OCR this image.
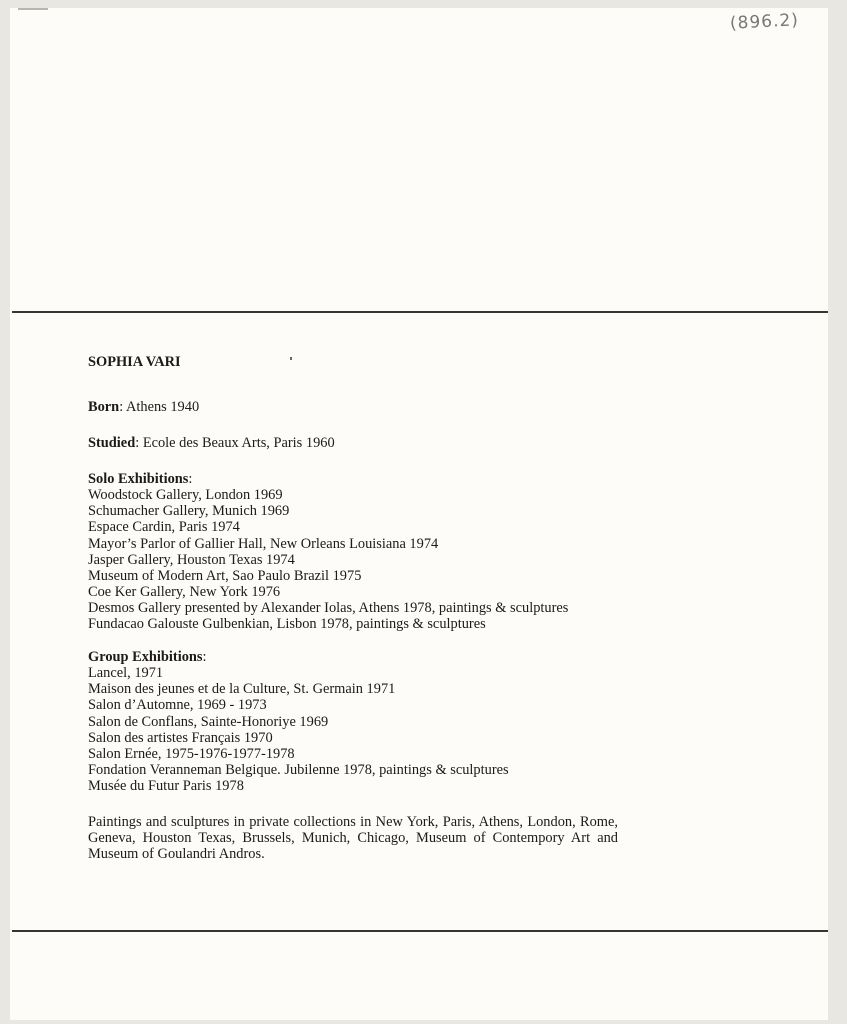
(896.2)

SOPHIA VARI

Born: Athens 1940

Studied: Ecole des Beaux Arts, Paris 1960

Solo Exhibitions:
Woodstock Gallery, London 1969
Schumacher Gallery, Munich 1969
Espace Cardin, Paris 1974
Mayor’s Parlor of Gallier Hall, New Orleans Louisiana 1974
Jasper Gallery, Houston Texas 1974
Museum of Modern Art, Sao Paulo Brazil 1975
Coe Ker Gallery, New York 1976
Desmos Gallery presented by Alexander Iolas, Athens 1978, paintings & sculptures
Fundacao Galouste Gulbenkian, Lisbon 1978, paintings & sculptures
Group Exhibitions:
Lancel, 1971
Maison des jeunes et de la Culture, St. Germain 1971
Salon d’Automne, 1969 - 1973
Salon de Conflans, Sainte-Honoriye 1969
Salon des artistes Français 1970
Salon Ernée, 1975-1976-1977-1978
Fondation Veranneman Belgique. Jubilenne 1978, paintings & sculptures
Musée du Futur Paris 1978

Paintings and sculptures in private collections in New York, Paris, Athens, London, Rome, Geneva, Houston Texas, Brussels, Munich, Chicago, Museum of Contempory Art and Museum of Goulandri Andros.
